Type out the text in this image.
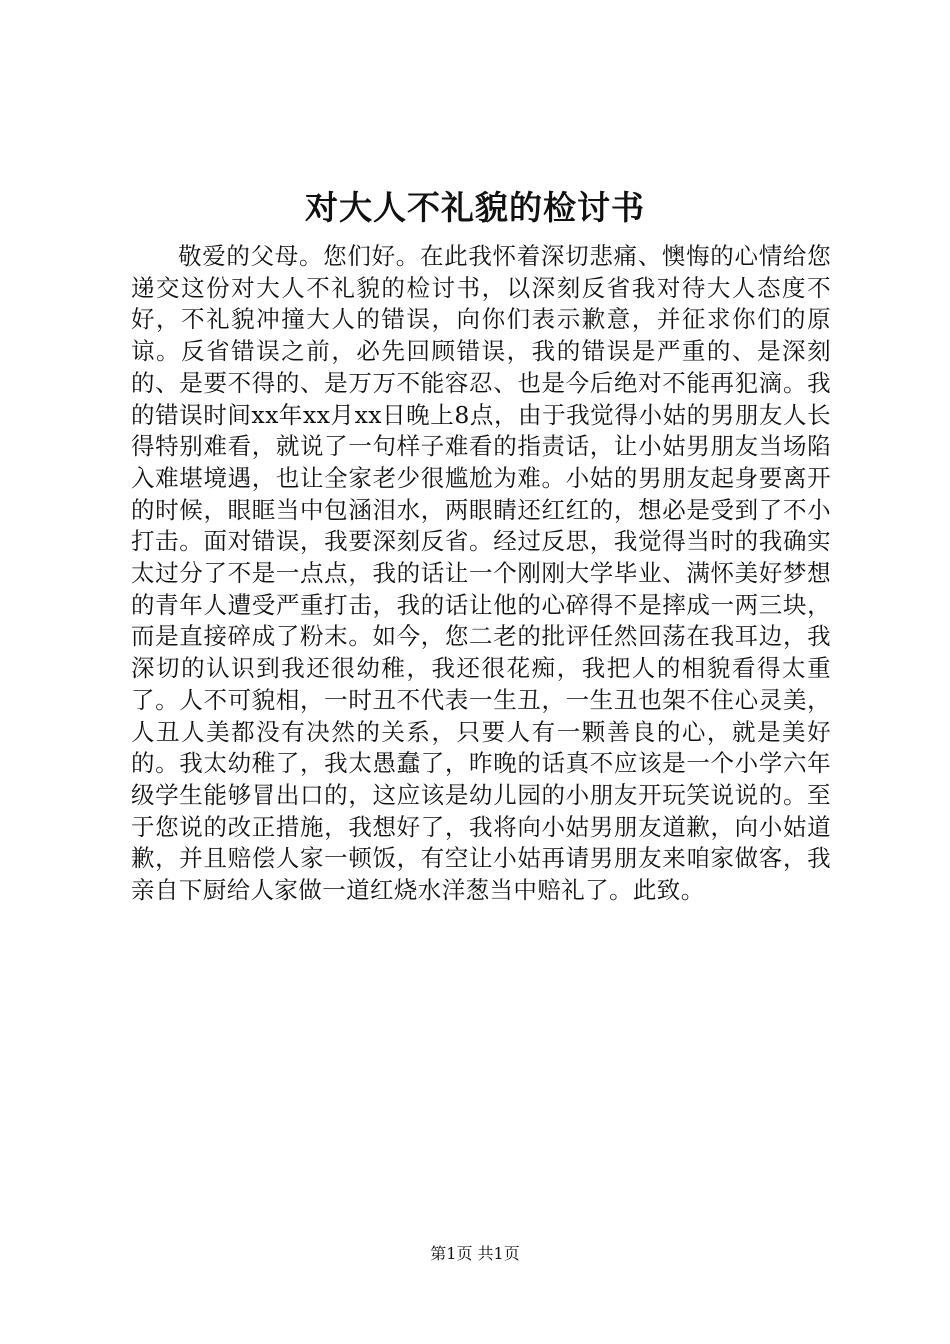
对大人不礼貌的检讨书

敬爱的父母。您们好。在此我怀着深切悲痛、懊悔的心情给您递交这份对大人不礼貌的检讨书，以深刻反省我对待大人态度不好，不礼貌冲撞大人的错误，向你们表示歉意，并征求你们的原谅。反省错误之前，必先回顾错误，我的错误是严重的、是深刻的、是要不得的、是万万不能容忍、也是今后绝对不能再犯滴。我的错误时间xx年xx月xx日晚上8点，由于我觉得小姑的男朋友人长得特别难看，就说了一句样子难看的指责话，让小姑男朋友当场陷入难堪境遇，也让全家老少很尴尬为难。小姑的男朋友起身要离开的时候，眼眶当中包涵泪水，两眼睛还红红的，想必是受到了不小打击。面对错误，我要深刻反省。经过反思，我觉得当时的我确实太过分了不是一点点，我的话让一个刚刚大学毕业、满怀美好梦想的青年人遭受严重打击，我的话让他的心碎得不是摔成一两三块，而是直接碎成了粉末。如今，您二老的批评任然回荡在我耳边，我深切的认识到我还很幼稚，我还很花痴，我把人的相貌看得太重了。人不可貌相，一时丑不代表一生丑，一生丑也架不住心灵美，人丑人美都没有决然的关系，只要人有一颗善良的心，就是美好的。我太幼稚了，我太愚蠢了，昨晚的话真不应该是一个小学六年级学生能够冒出口的，这应该是幼儿园的小朋友开玩笑说说的。至于您说的改正措施，我想好了，我将向小姑男朋友道歉，向小姑道歉，并且赔偿人家一顿饭，有空让小姑再请男朋友来咱家做客，我亲自下厨给人家做一道红烧水洋葱当中赔礼了。此致。

第1页 共1页
